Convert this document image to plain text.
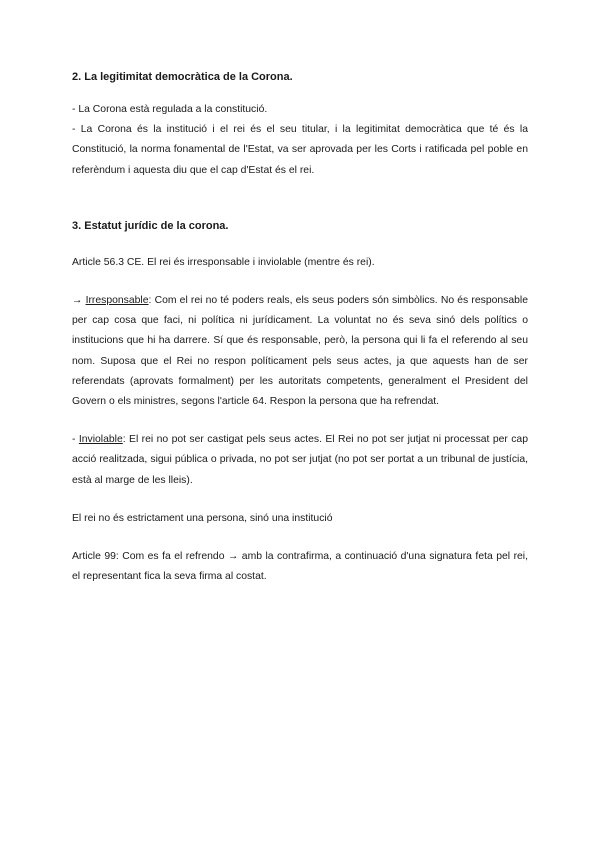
2. La legitimitat democràtica de la Corona.

- La Corona està regulada a la constitució.

- La Corona és la institució i el rei és el seu titular, i la legitimitat democràtica que té és la Constitució, la norma fonamental de l'Estat, va ser aprovada per les Corts i ratificada pel poble en referèndum i aquesta diu que el cap d'Estat és el rei.

3. Estatut jurídic de la corona.

Article 56.3 CE. El rei és irresponsable i inviolable (mentre és rei).

→ Irresponsable: Com el rei no té poders reals, els seus poders són simbòlics. No és responsable per cap cosa que faci, ni política ni jurídicament. La voluntat no és seva sinó dels polítics o institucions que hi ha darrere. Sí que és responsable, però, la persona qui li fa el referendo al seu nom. Suposa que el Rei no respon políticament pels seus actes, ja que aquests han de ser referendats (aprovats formalment) per les autoritats competents, generalment el President del Govern o els ministres, segons l'article 64. Respon la persona que ha refrendat.

- Inviolable: El rei no pot ser castigat pels seus actes. El Rei no pot ser jutjat ni processat per cap acció realitzada, sigui pública o privada, no pot ser jutjat (no pot ser portat a un tribunal de justícia, està al marge de les lleis).

El rei no és estrictament una persona, sinó una institució

Article 99: Com es fa el refrendo → amb la contrafirma, a continuació d'una signatura feta pel rei, el representant fica la seva firma al costat.
